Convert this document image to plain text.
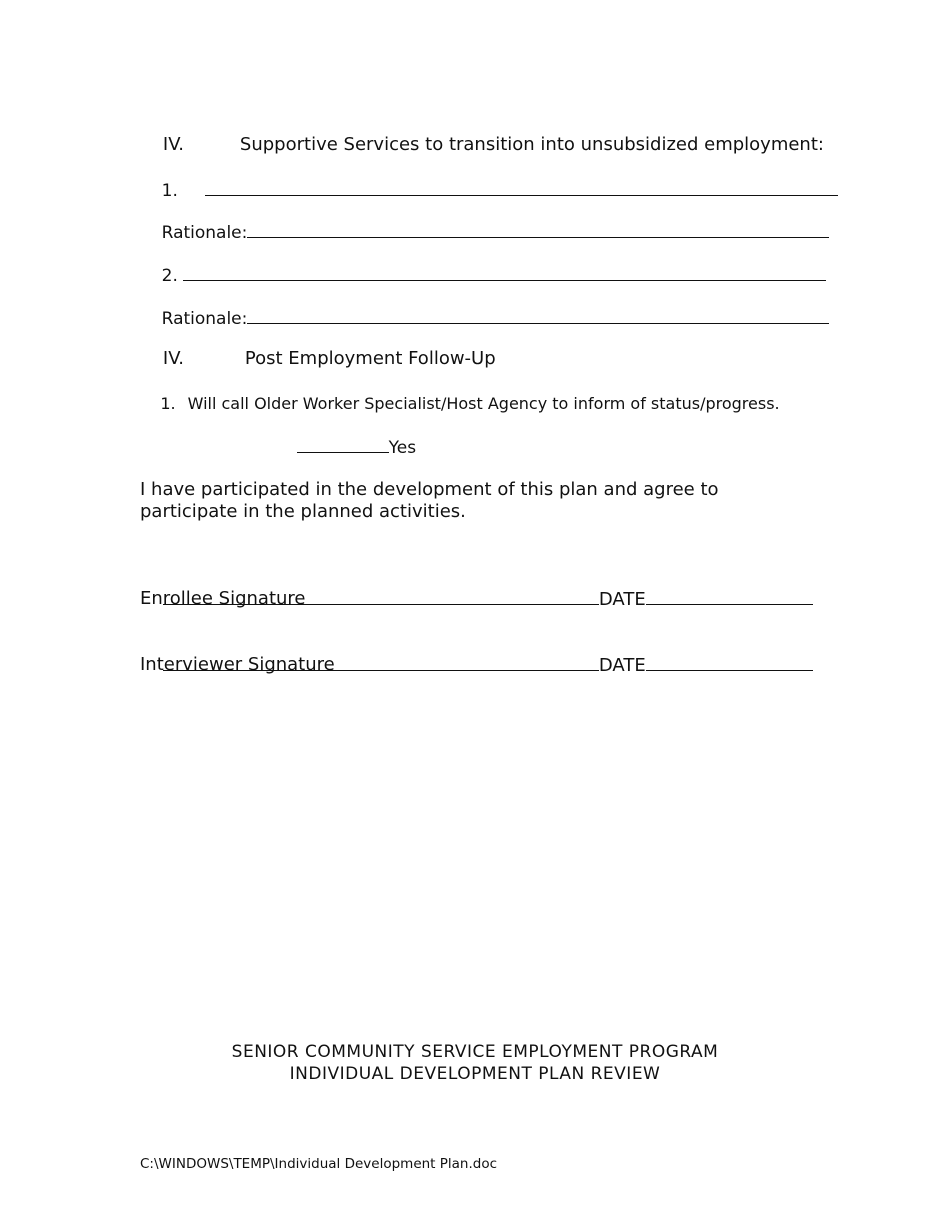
IV.	Supportive Services to transition into unsubsidized employment:

1.

Rationale:

2.

Rationale:

IV.	Post Employment Follow-Up

1. Will call Older Worker Specialist/Host Agency to inform of status/progress.

Yes

I have participated in the development of this plan and agree to participate in the planned activities.

DATE

Enrollee Signature

DATE

Interviewer Signature
SENIOR COMMUNITY SERVICE EMPLOYMENT PROGRAM
INDIVIDUAL DEVELOPMENT PLAN REVIEW
C:\WINDOWS\TEMP\Individual Development Plan.doc
